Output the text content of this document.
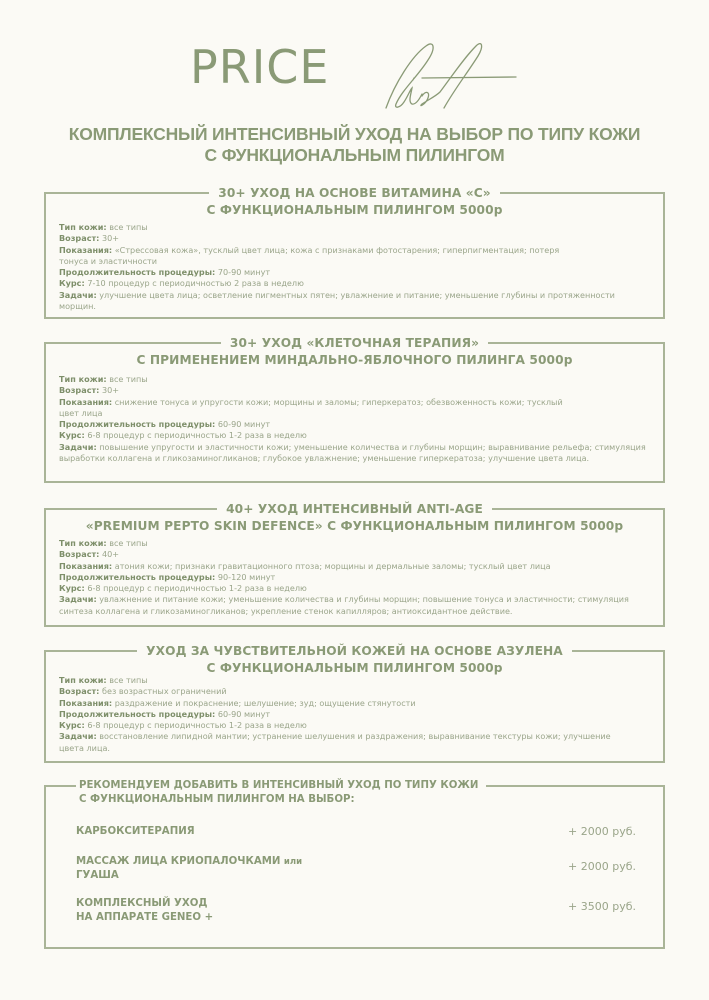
PRICE
КОМПЛЕКСНЫЙ ИНТЕНСИВНЫЙ УХОД НА ВЫБОР ПО ТИПУ КОЖИ
С ФУНКЦИОНАЛЬНЫМ ПИЛИНГОМ
30+ УХОД НА ОСНОВЕ ВИТАМИНА «С»
С ФУНКЦИОНАЛЬНЫМ ПИЛИНГОМ 5000р
Тип кожи: все типы
Возраст: 30+
Показания: «Стрессовая кожа», тусклый цвет лица; кожа с признаками фотостарения; гиперпигментация; потеря тонуса и эластичности
Продолжительность процедуры: 70-90 минут
Курс: 7-10 процедур с периодичностью 2 раза в неделю
Задачи: улучшение цвета лица; осветление пигментных пятен; увлажнение и питание; уменьшение глубины и протяженности морщин.
30+ УХОД «КЛЕТОЧНАЯ ТЕРАПИЯ»
С ПРИМЕНЕНИЕМ МИНДАЛЬНО-ЯБЛОЧНОГО ПИЛИНГА 5000р
Тип кожи: все типы
Возраст: 30+
Показания: снижение тонуса и упругости кожи; морщины и заломы; гиперкератоз; обезвоженность кожи; тусклый цвет лица
Продолжительность процедуры: 60-90 минут
Курс: 6-8 процедур с периодичностью 1-2 раза в неделю
Задачи: повышение упругости и эластичности кожи; уменьшение количества и глубины морщин; выравнивание рельефа; стимуляция выработки коллагена и гликозаминогликанов; глубокое увлажнение; уменьшение гиперкератоза; улучшение цвета лица.
40+ УХОД ИНТЕНСИВНЫЙ ANTI-AGE
«PREMIUM PEPTO SKIN DEFENCE» С ФУНКЦИОНАЛЬНЫМ ПИЛИНГОМ 5000р
Тип кожи: все типы
Возраст: 40+
Показания: атония кожи; признаки гравитационного птоза; морщины и дермальные заломы; тусклый цвет лица
Продолжительность процедуры: 90-120 минут
Курс: 6-8 процедур с периодичностью 1-2 раза в неделю
Задачи: увлажнение и питание кожи; уменьшение количества и глубины морщин; повышение тонуса и эластичности; стимуляция синтеза коллагена и гликозаминогликанов; укрепление стенок капилляров; антиоксидантное действие.
УХОД ЗА ЧУВСТВИТЕЛЬНОЙ КОЖЕЙ НА ОСНОВЕ АЗУЛЕНА
С ФУНКЦИОНАЛЬНЫМ ПИЛИНГОМ 5000р
Тип кожи: все типы
Возраст: без возрастных ограничений
Показания: раздражение и покраснение; шелушение; зуд; ощущение стянутости
Продолжительность процедуры: 60-90 минут
Курс: 6-8 процедур с периодичностью 1-2 раза в неделю
Задачи: восстановление липидной мантии; устранение шелушения и раздражения; выравнивание текстуры кожи; улучшение цвета лица.
РЕКОМЕНДУЕМ ДОБАВИТЬ В ИНТЕНСИВНЫЙ УХОД ПО ТИПУ КОЖИ
С ФУНКЦИОНАЛЬНЫМ ПИЛИНГОМ НА ВЫБОР:
КАРБОКСИТЕРАПИЯ	+ 2000 руб.
МАССАЖ ЛИЦА КРИОПАЛОЧКАМИ или
ГУАША
+ 2000 руб.
КОМПЛЕКСНЫЙ УХОД
НА АППАРАТЕ GENEO +
+ 3500 руб.
